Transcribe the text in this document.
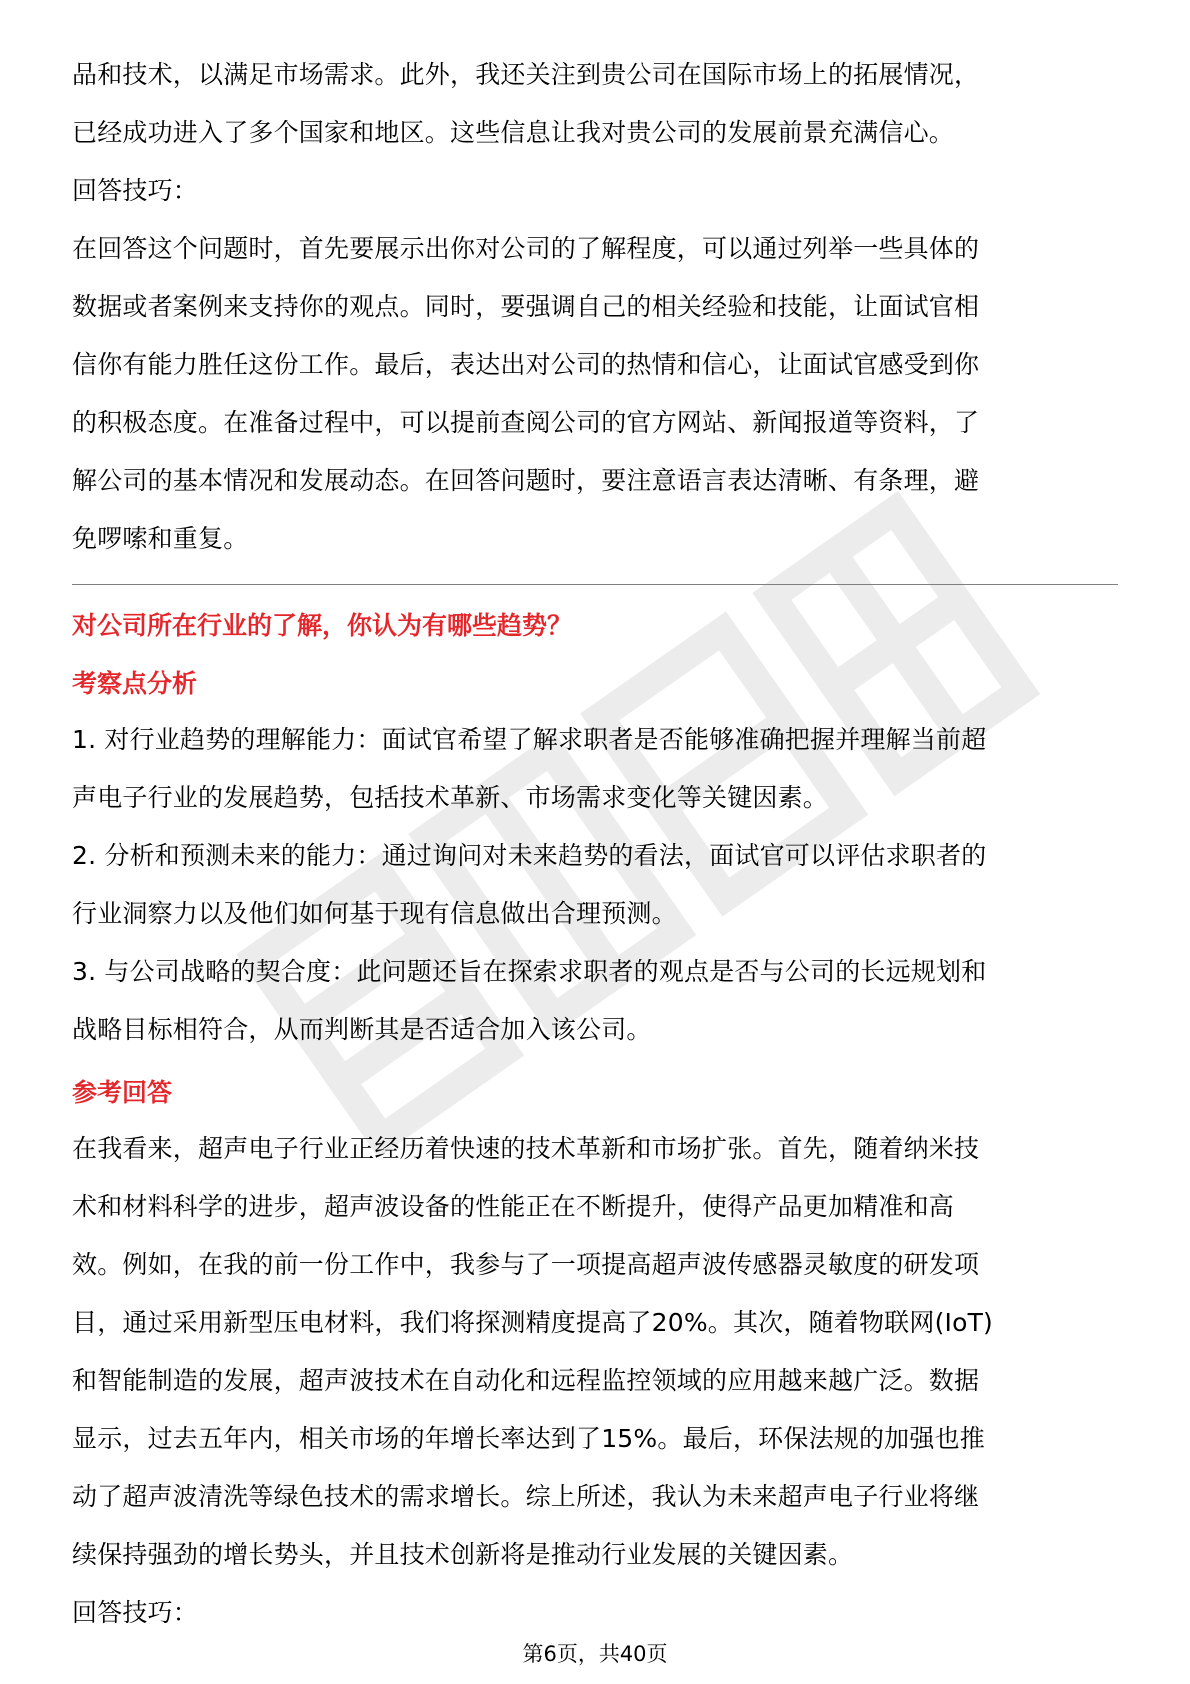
品和技术，以满足市场需求。此外，我还关注到贵公司在国际市场上的拓展情况，
已经成功进入了多个国家和地区。这些信息让我对贵公司的发展前景充满信心。
回答技巧：
在回答这个问题时，首先要展示出你对公司的了解程度，可以通过列举一些具体的
数据或者案例来支持你的观点。同时，要强调自己的相关经验和技能，让面试官相
信你有能力胜任这份工作。最后，表达出对公司的热情和信心，让面试官感受到你
的积极态度。在准备过程中，可以提前查阅公司的官方网站、新闻报道等资料，了
解公司的基本情况和发展动态。在回答问题时，要注意语言表达清晰、有条理，避
免啰嗦和重复。
对公司所在行业的了解，你认为有哪些趋势？
考察点分析
1. 对行业趋势的理解能力：面试官希望了解求职者是否能够准确把握并理解当前超
声电子行业的发展趋势，包括技术革新、市场需求变化等关键因素。
2. 分析和预测未来的能力：通过询问对未来趋势的看法，面试官可以评估求职者的
行业洞察力以及他们如何基于现有信息做出合理预测。
3. 与公司战略的契合度：此问题还旨在探索求职者的观点是否与公司的长远规划和
战略目标相符合，从而判断其是否适合加入该公司。
参考回答
在我看来，超声电子行业正经历着快速的技术革新和市场扩张。首先，随着纳米技
术和材料科学的进步，超声波设备的性能正在不断提升，使得产品更加精准和高
效。例如，在我的前一份工作中，我参与了一项提高超声波传感器灵敏度的研发项
目，通过采用新型压电材料，我们将探测精度提高了20%。其次，随着物联网(IoT)
和智能制造的发展，超声波技术在自动化和远程监控领域的应用越来越广泛。数据
显示，过去五年内，相关市场的年增长率达到了15%。最后，环保法规的加强也推
动了超声波清洗等绿色技术的需求增长。综上所述，我认为未来超声电子行业将继
续保持强劲的增长势头，并且技术创新将是推动行业发展的关键因素。
回答技巧：
第6页，共40页
